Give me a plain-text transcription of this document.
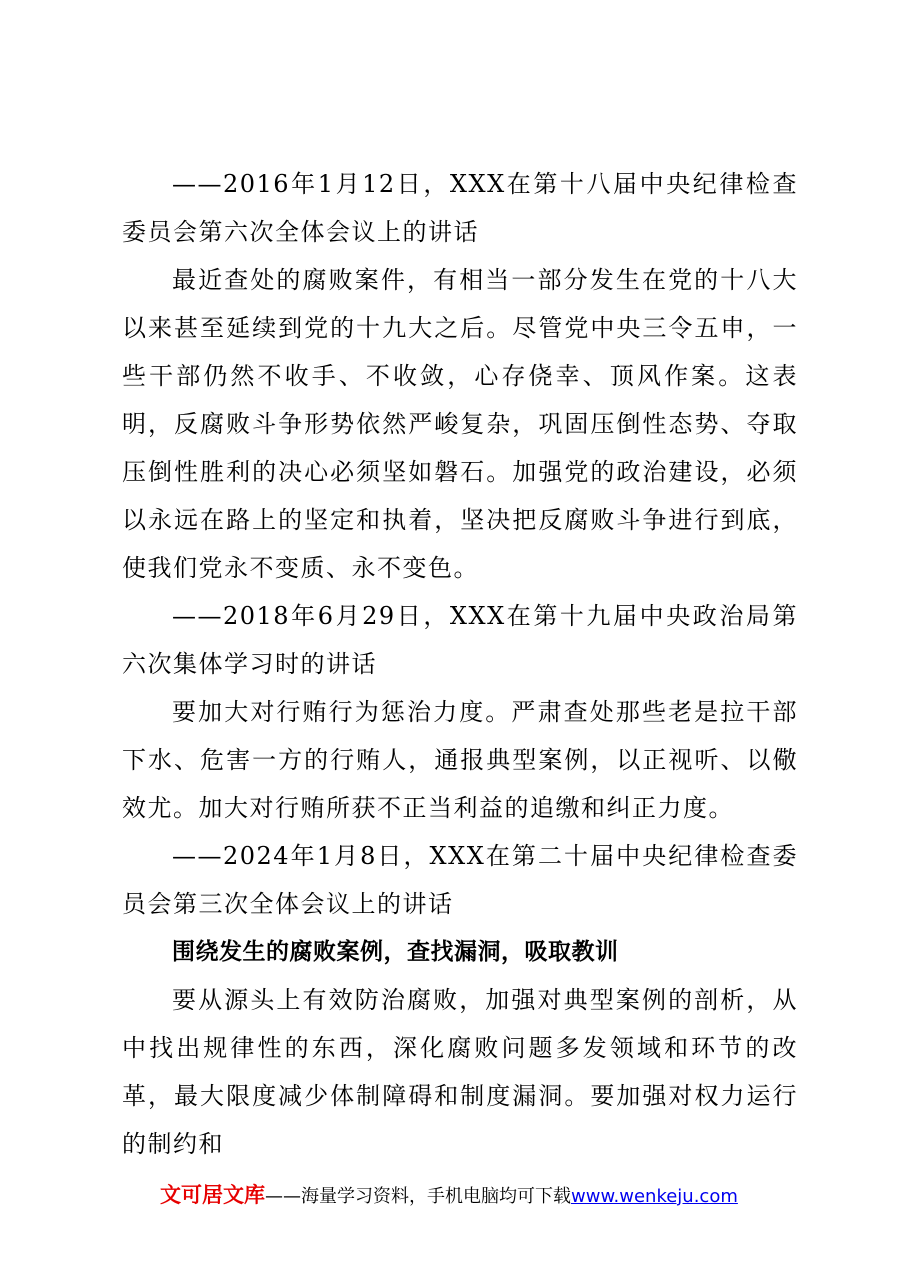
——2016年1月12日，XXX在第十八届中央纪律检查委员会第六次全体会议上的讲话

最近查处的腐败案件，有相当一部分发生在党的十八大以来甚至延续到党的十九大之后。尽管党中央三令五申，一些干部仍然不收手、不收敛，心存侥幸、顶风作案。这表明，反腐败斗争形势依然严峻复杂，巩固压倒性态势、夺取压倒性胜利的决心必须坚如磐石。加强党的政治建设，必须以永远在路上的坚定和执着，坚决把反腐败斗争进行到底，使我们党永不变质、永不变色。

——2018年6月29日，XXX在第十九届中央政治局第六次集体学习时的讲话

要加大对行贿行为惩治力度。严肃查处那些老是拉干部下水、危害一方的行贿人，通报典型案例，以正视听、以儆效尤。加大对行贿所获不正当利益的追缴和纠正力度。

——2024年1月8日，XXX在第二十届中央纪律检查委员会第三次全体会议上的讲话

围绕发生的腐败案例，查找漏洞，吸取教训

要从源头上有效防治腐败，加强对典型案例的剖析，从中找出规律性的东西，深化腐败问题多发领域和环节的改革，最大限度减少体制障碍和制度漏洞。要加强对权力运行的制约和

文可居文库——海量学习资料，手机电脑均可下载www.wenkeju.com
